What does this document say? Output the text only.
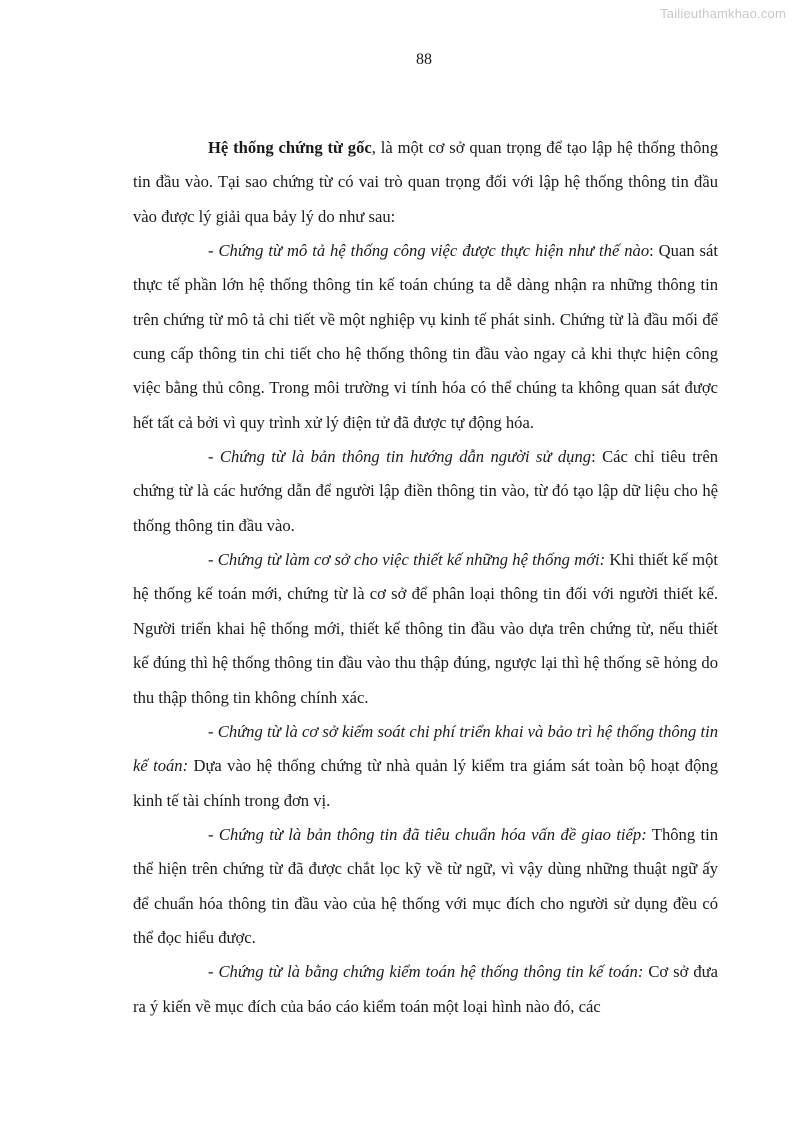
Tailieuthamkhao.com
88

Hệ thống chứng từ gốc, là một cơ sở quan trọng để tạo lập hệ thống thông tin đầu vào. Tại sao chứng từ có vai trò quan trọng đối với lập hệ thống thông tin đầu vào được lý giải qua bảy lý do như sau:

- Chứng từ mô tả hệ thống công việc được thực hiện như thế nào: Quan sát thực tế phần lớn hệ thống thông tin kế toán chúng ta dễ dàng nhận ra những thông tin trên chứng từ mô tả chi tiết về một nghiệp vụ kinh tế phát sinh. Chứng từ là đầu mối để cung cấp thông tin chi tiết cho hệ thống thông tin đầu vào ngay cả khi thực hiện công việc bằng thủ công. Trong môi trường vi tính hóa có thể chúng ta không quan sát được hết tất cả bởi vì quy trình xử lý điện tử đã được tự động hóa.

- Chứng từ là bản thông tin hướng dẫn người sử dụng: Các chỉ tiêu trên chứng từ là các hướng dẫn để người lập điền thông tin vào, từ đó tạo lập dữ liệu cho hệ thống thông tin đầu vào.

- Chứng từ làm cơ sở cho việc thiết kế những hệ thống mới: Khi thiết kế một hệ thống kế toán mới, chứng từ là cơ sở để phân loại thông tin đối với người thiết kế. Người triển khai hệ thống mới, thiết kế thông tin đầu vào dựa trên chứng từ, nếu thiết kế đúng thì hệ thống thông tin đầu vào thu thập đúng, ngược lại thì hệ thống sẽ hỏng do thu thập thông tin không chính xác.

- Chứng từ là cơ sở kiểm soát chi phí triển khai và bảo trì hệ thống thông tin kế toán: Dựa vào hệ thống chứng từ nhà quản lý kiểm tra giám sát toàn bộ hoạt động kinh tế tài chính trong đơn vị.

- Chứng từ là bản thông tin đã tiêu chuẩn hóa vấn đề giao tiếp: Thông tin thể hiện trên chứng từ đã được chắt lọc kỹ về từ ngữ, vì vậy dùng những thuật ngữ ấy để chuẩn hóa thông tin đầu vào của hệ thống với mục đích cho người sử dụng đều có thể đọc hiểu được.

- Chứng từ là bằng chứng kiểm toán hệ thống thông tin kế toán: Cơ sở đưa ra ý kiến về mục đích của báo cáo kiểm toán một loại hình nào đó, các
